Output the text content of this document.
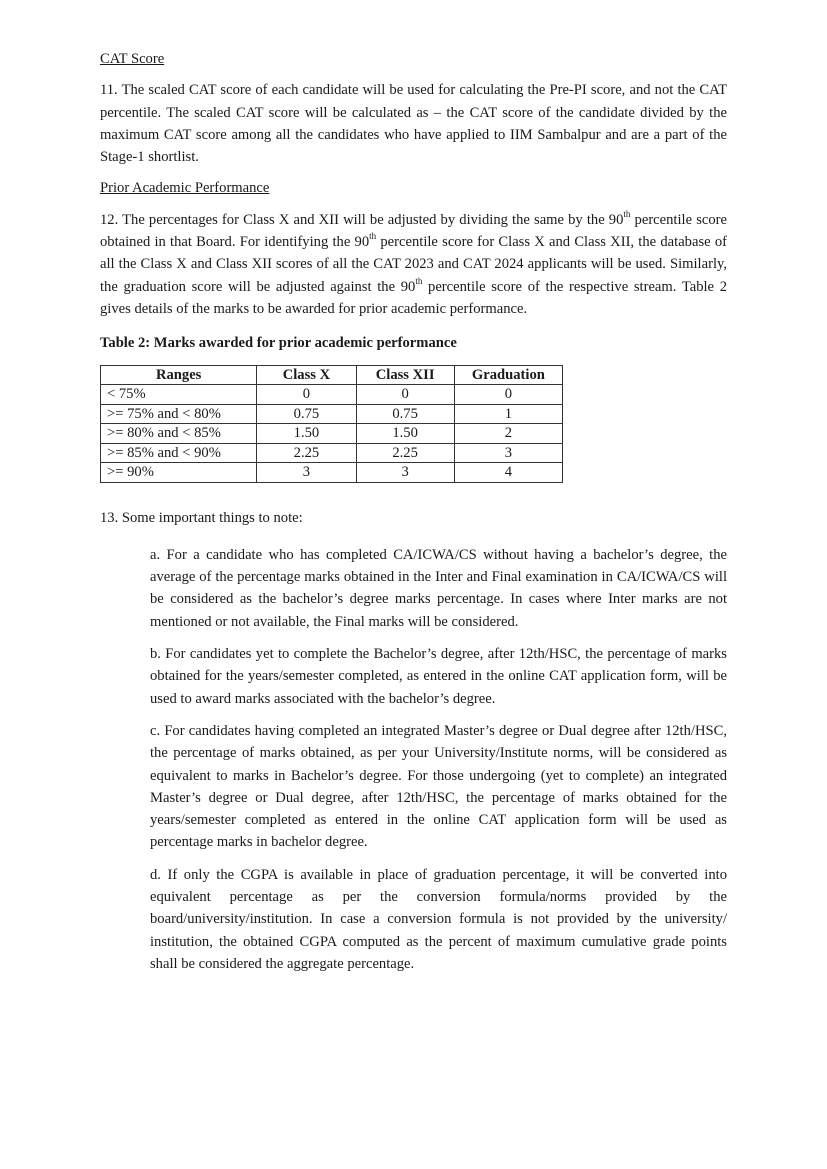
CAT Score

11. The scaled CAT score of each candidate will be used for calculating the Pre-PI score, and not the CAT percentile. The scaled CAT score will be calculated as – the CAT score of the candidate divided by the maximum CAT score among all the candidates who have applied to IIM Sambalpur and are a part of the Stage-1 shortlist.

Prior Academic Performance

12. The percentages for Class X and XII will be adjusted by dividing the same by the 90th percentile score obtained in that Board. For identifying the 90th percentile score for Class X and Class XII, the database of all the Class X and Class XII scores of all the CAT 2023 and CAT 2024 applicants will be used. Similarly, the graduation score will be adjusted against the 90th percentile score of the respective stream. Table 2 gives details of the marks to be awarded for prior academic performance.

Table 2: Marks awarded for prior academic performance
Ranges	Class X	Class XII	Graduation
< 75%	0	0	0
>= 75% and < 80%	0.75	0.75	1
>= 80% and < 85%	1.50	1.50	2
>= 85% and < 90%	2.25	2.25	3
>= 90%	3	3	4
13. Some important things to note:

a. For a candidate who has completed CA/ICWA/CS without having a bachelor’s degree, the average of the percentage marks obtained in the Inter and Final examination in CA/ICWA/CS will be considered as the bachelor’s degree marks percentage. In cases where Inter marks are not mentioned or not available, the Final marks will be considered.

b. For candidates yet to complete the Bachelor’s degree, after 12th/HSC, the percentage of marks obtained for the years/semester completed, as entered in the online CAT application form, will be used to award marks associated with the bachelor’s degree.

c. For candidates having completed an integrated Master’s degree or Dual degree after 12th/HSC, the percentage of marks obtained, as per your University/Institute norms, will be considered as equivalent to marks in Bachelor’s degree. For those undergoing (yet to complete) an integrated Master’s degree or Dual degree, after 12th/HSC, the percentage of marks obtained for the years/semester completed as entered in the online CAT application form will be used as percentage marks in bachelor degree.

d. If only the CGPA is available in place of graduation percentage, it will be converted into equivalent percentage as per the conversion formula/norms provided by the board/university/institution. In case a conversion formula is not provided by the university/ institution, the obtained CGPA computed as the percent of maximum cumulative grade points shall be considered the aggregate percentage.
